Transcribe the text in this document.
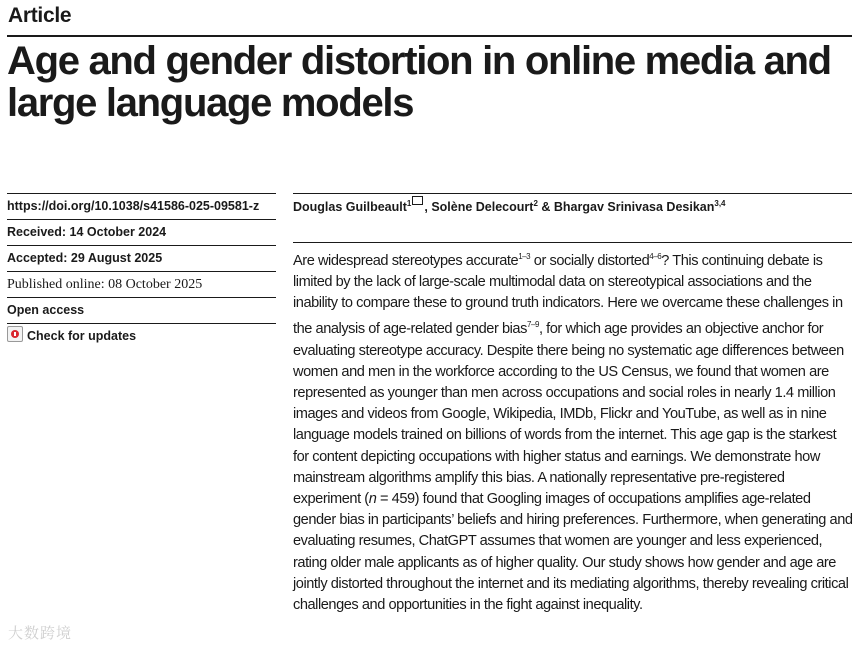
Article
Age and gender distortion in online media and large language models
https://doi.org/10.1038/s41586-025-09581-z
Received: 14 October 2024
Accepted: 29 August 2025
Published online: 08 October 2025
Open access
Check for updates
Douglas Guilbeault$^1$ , Solène Delecourt$^2$ & Bhargav Srinivasa Desikan$^{3,4}$

Are widespread stereotypes accurate$^{1-3}$ or socially distorted$^{4-6}$? This continuing debate is limited by the lack of large-scale multimodal data on stereotypical associations and the inability to compare these to ground truth indicators. Here we overcame these challenges in the analysis of age-related gender bias$^{7-9}$, for which age provides an objective anchor for evaluating stereotype accuracy. Despite there being no systematic age differences between women and men in the workforce according to the US Census, we found that women are represented as younger than men across occupations and social roles in nearly 1.4 million images and videos from Google, Wikipedia, IMDb, Flickr and YouTube, as well as in nine language models trained on billions of words from the internet. This age gap is the starkest for content depicting occupations with higher status and earnings. We demonstrate how mainstream algorithms amplify this bias. A nationally representative pre-registered experiment (n = 459) found that Googling images of occupations amplifies age-related gender bias in participants’ beliefs and hiring preferences. Furthermore, when generating and evaluating resumes, ChatGPT assumes that women are younger and less experienced, rating older male applicants as of higher quality. Our study shows how gender and age are jointly distorted throughout the internet and its mediating algorithms, thereby revealing critical challenges and opportunities in the fight against inequality.

大数跨境
